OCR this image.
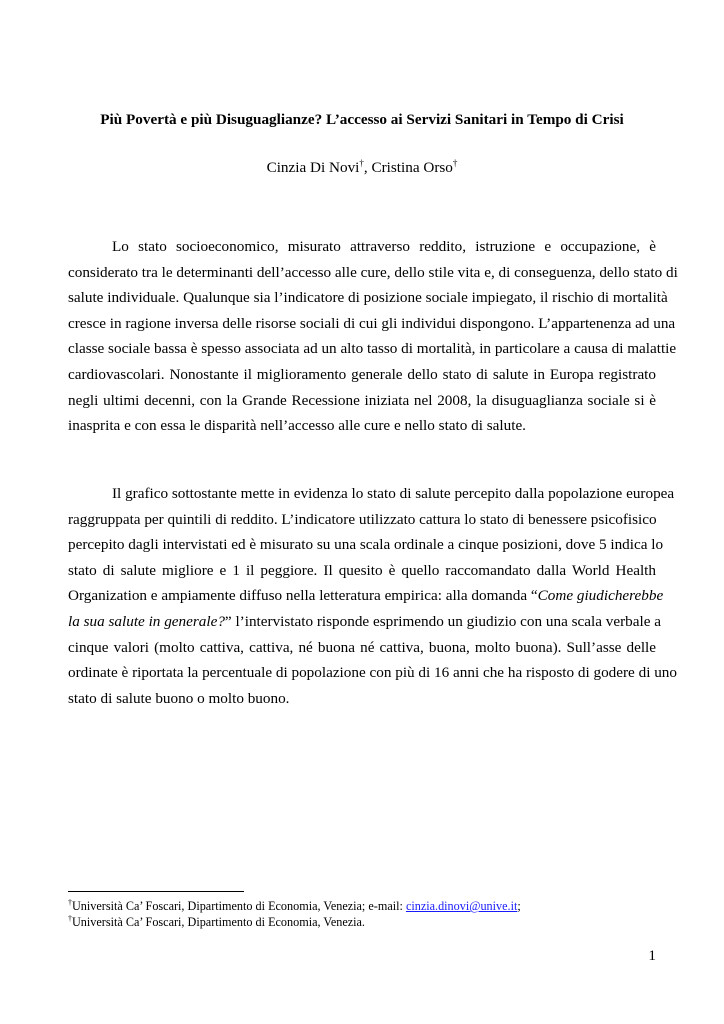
Più Povertà e più Disuguaglianze? L’accesso ai Servizi Sanitari in Tempo di Crisi
Cinzia Di Novi†, Cristina Orso†

Lo stato socioeconomico, misurato attraverso reddito, istruzione e occupazione, è
considerato tra le determinanti dell’accesso alle cure, dello stile vita e, di conseguenza, dello stato di
salute individuale. Qualunque sia l’indicatore di posizione sociale impiegato, il rischio di mortalità
cresce in ragione inversa delle risorse sociali di cui gli individui dispongono. L’appartenenza ad una
classe sociale bassa è spesso associata ad un alto tasso di mortalità, in particolare a causa di malattie
cardiovascolari. Nonostante il miglioramento generale dello stato di salute in Europa registrato
negli ultimi decenni, con la Grande Recessione iniziata nel 2008, la disuguaglianza sociale si è
inasprita e con essa le disparità nell’accesso alle cure e nello stato di salute.

Il grafico sottostante mette in evidenza lo stato di salute percepito dalla popolazione europea
raggruppata per quintili di reddito. L’indicatore utilizzato cattura lo stato di benessere psicofisico
percepito dagli intervistati ed è misurato su una scala ordinale a cinque posizioni, dove 5 indica lo
stato di salute migliore e 1 il peggiore. Il quesito è quello raccomandato dalla World Health
Organization e ampiamente diffuso nella letteratura empirica: alla domanda “Come giudicherebbe
la sua salute in generale?” l’intervistato risponde esprimendo un giudizio con una scala verbale a
cinque valori (molto cattiva, cattiva, né buona né cattiva, buona, molto buona). Sull’asse delle
ordinate è riportata la percentuale di popolazione con più di 16 anni che ha risposto di godere di uno
stato di salute buono o molto buono.

†Università Ca’ Foscari, Dipartimento di Economia, Venezia; e-mail: cinzia.dinovi@unive.it;
†Università Ca’ Foscari, Dipartimento di Economia, Venezia.
1
